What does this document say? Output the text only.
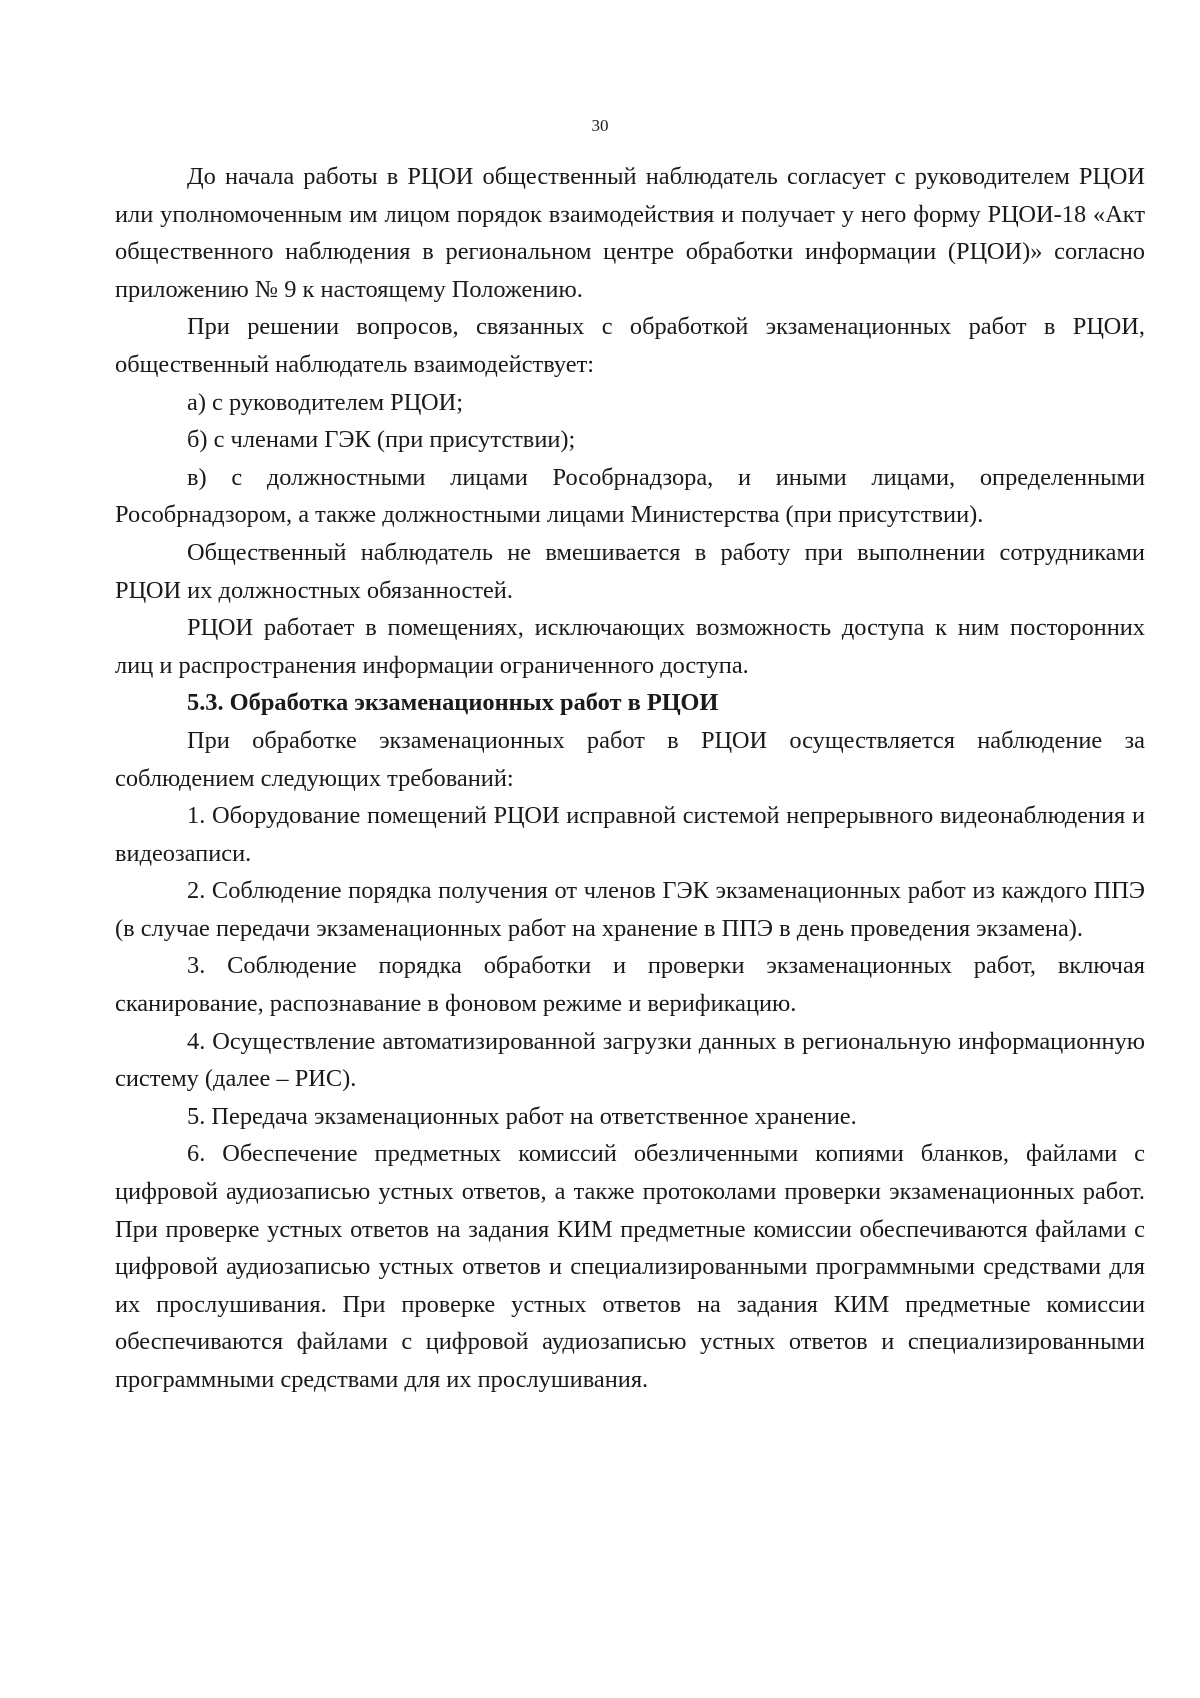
30

До начала работы в РЦОИ общественный наблюдатель согласует с руководителем РЦОИ или уполномоченным им лицом порядок взаимодействия и получает у него форму РЦОИ-18 «Акт общественного наблюдения в региональном центре обработки информации (РЦОИ)» согласно приложению № 9 к настоящему Положению.

При решении вопросов, связанных с обработкой экзаменационных работ в РЦОИ, общественный наблюдатель взаимодействует:

а) с руководителем РЦОИ;

б) с членами ГЭК (при присутствии);

в) с должностными лицами Рособрнадзора, и иными лицами, определенными Рособрнадзором, а также должностными лицами Министерства (при присутствии).

Общественный наблюдатель не вмешивается в работу при выполнении сотрудниками РЦОИ их должностных обязанностей.

РЦОИ работает в помещениях, исключающих возможность доступа к ним посторонних лиц и распространения информации ограниченного доступа.

5.3. Обработка экзаменационных работ в РЦОИ

При обработке экзаменационных работ в РЦОИ осуществляется наблюдение за соблюдением следующих требований:

1. Оборудование помещений РЦОИ исправной системой непрерывного видеонаблюдения и видеозаписи.

2. Соблюдение порядка получения от членов ГЭК экзаменационных работ из каждого ППЭ (в случае передачи экзаменационных работ на хранение в ППЭ в день проведения экзамена).

3. Соблюдение порядка обработки и проверки экзаменационных работ, включая сканирование, распознавание в фоновом режиме и верификацию.

4. Осуществление автоматизированной загрузки данных в региональную информационную систему (далее – РИС).

5. Передача экзаменационных работ на ответственное хранение.

6. Обеспечение предметных комиссий обезличенными копиями бланков, файлами с цифровой аудиозаписью устных ответов, а также протоколами проверки экзаменационных работ. При проверке устных ответов на задания КИМ предметные комиссии обеспечиваются файлами с цифровой аудиозаписью устных ответов и специализированными программными средствами для их прослушивания. При проверке устных ответов на задания КИМ предметные комиссии обеспечиваются файлами с цифровой аудиозаписью устных ответов и специализированными программными средствами для их прослушивания.
